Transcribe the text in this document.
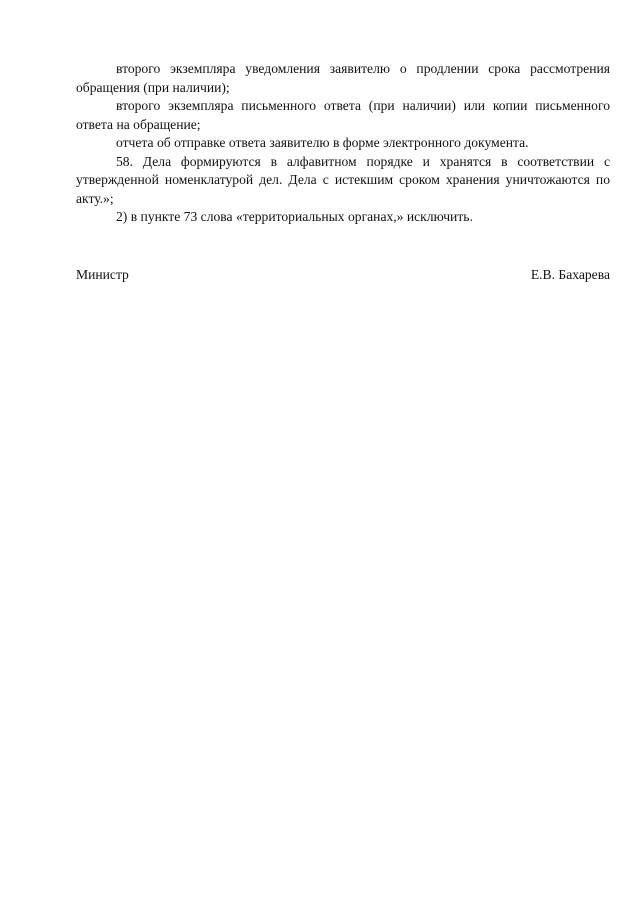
второго экземпляра уведомления заявителю о продлении срока рассмотрения обращения (при наличии);

второго экземпляра письменного ответа (при наличии) или копии письменного ответа на обращение;

отчета об отправке ответа заявителю в форме электронного документа.

58. Дела формируются в алфавитном порядке и хранятся в соответствии с утвержденной номенклатурой дел. Дела с истекшим сроком хранения уничтожаются по акту.»;

2) в пункте 73 слова «территориальных органах,» исключить.

Министр	Е.В. Бахарева
